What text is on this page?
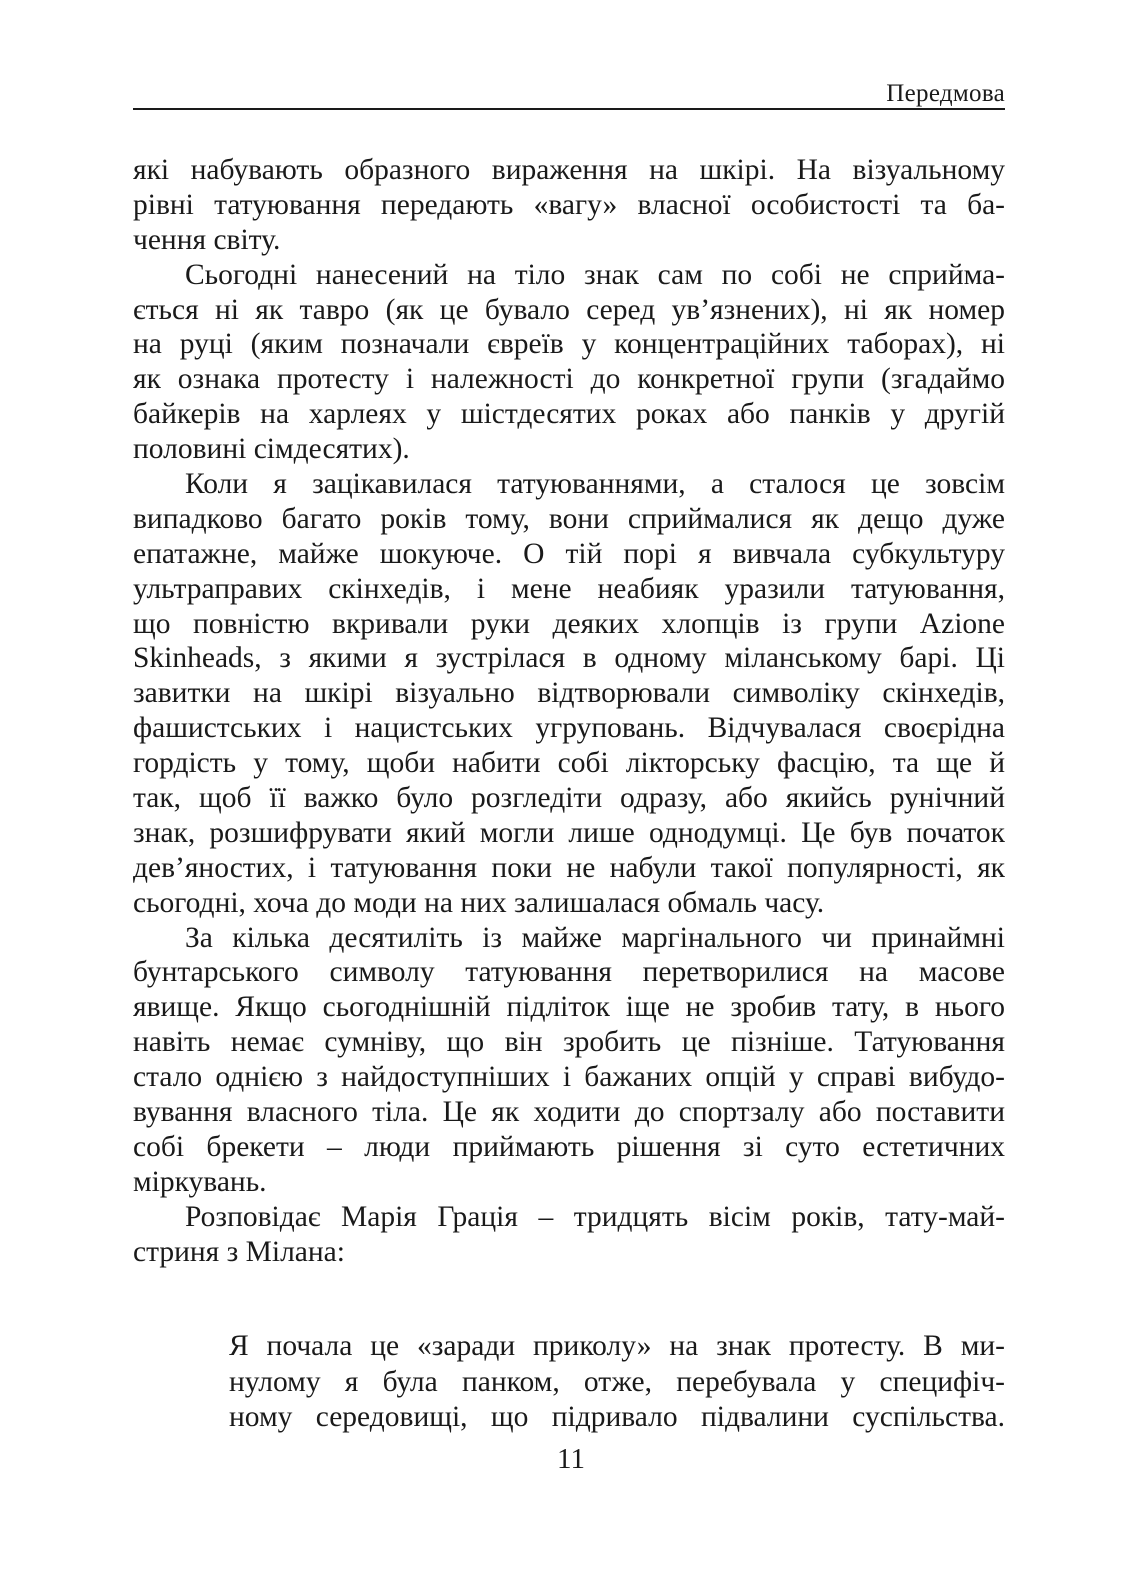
Передмова
які набувають образного вираження на шкірі. На візуальному
рівні татуювання передають «вагу» власної особистості та ба-
чення світу.
Сьогодні нанесений на тіло знак сам по собі не сприйма-
ється ні як тавро (як це бувало серед ув’язнених), ні як номер
на руці (яким позначали євреїв у концентраційних таборах), ні
як ознака протесту і належності до конкретної групи (згадаймо
байкерів на харлеях у шістдесятих роках або панків у другій
половині сімдесятих).
Коли я зацікавилася татуюваннями, а сталося це зовсім
випадково багато років тому, вони сприймалися як дещо дуже
епатажне, майже шокуюче. О тій порі я вивчала субкультуру
ультраправих скінхедів, і мене неабияк уразили татуювання,
що повністю вкривали руки деяких хлопців із групи Azione
Skinheads, з якими я зустрілася в одному міланському барі. Ці
завитки на шкірі візуально відтворювали символіку скінхедів,
фашистських і нацистських угруповань. Відчувалася своєрідна
гордість у тому, щоби набити собі лікторську фасцію, та ще й
так, щоб її важко було розгледіти одразу, або якийсь рунічний
знак, розшифрувати який могли лише однодумці. Це був початок
дев’яностих, і татуювання поки не набули такої популярності, як
сьогодні, хоча до моди на них залишалася обмаль часу.
За кілька десятиліть із майже маргінального чи принаймні
бунтарського символу татуювання перетворилися на масове
явище. Якщо сьогоднішній підліток іще не зробив тату, в нього
навіть немає сумніву, що він зробить це пізніше. Татуювання
стало однією з найдоступніших і бажаних опцій у справі вибудо-
вування власного тіла. Це як ходити до спортзалу або поставити
собі брекети – люди приймають рішення зі суто естетичних
міркувань.
Розповідає Марія Грація – тридцять вісім років, тату-май-
стриня з Мілана:
Я почала це «заради приколу» на знак протесту. В ми-
нулому я була панком, отже, перебувала у специфіч-
ному середовищі, що підривало підвалини суспільства.
11
